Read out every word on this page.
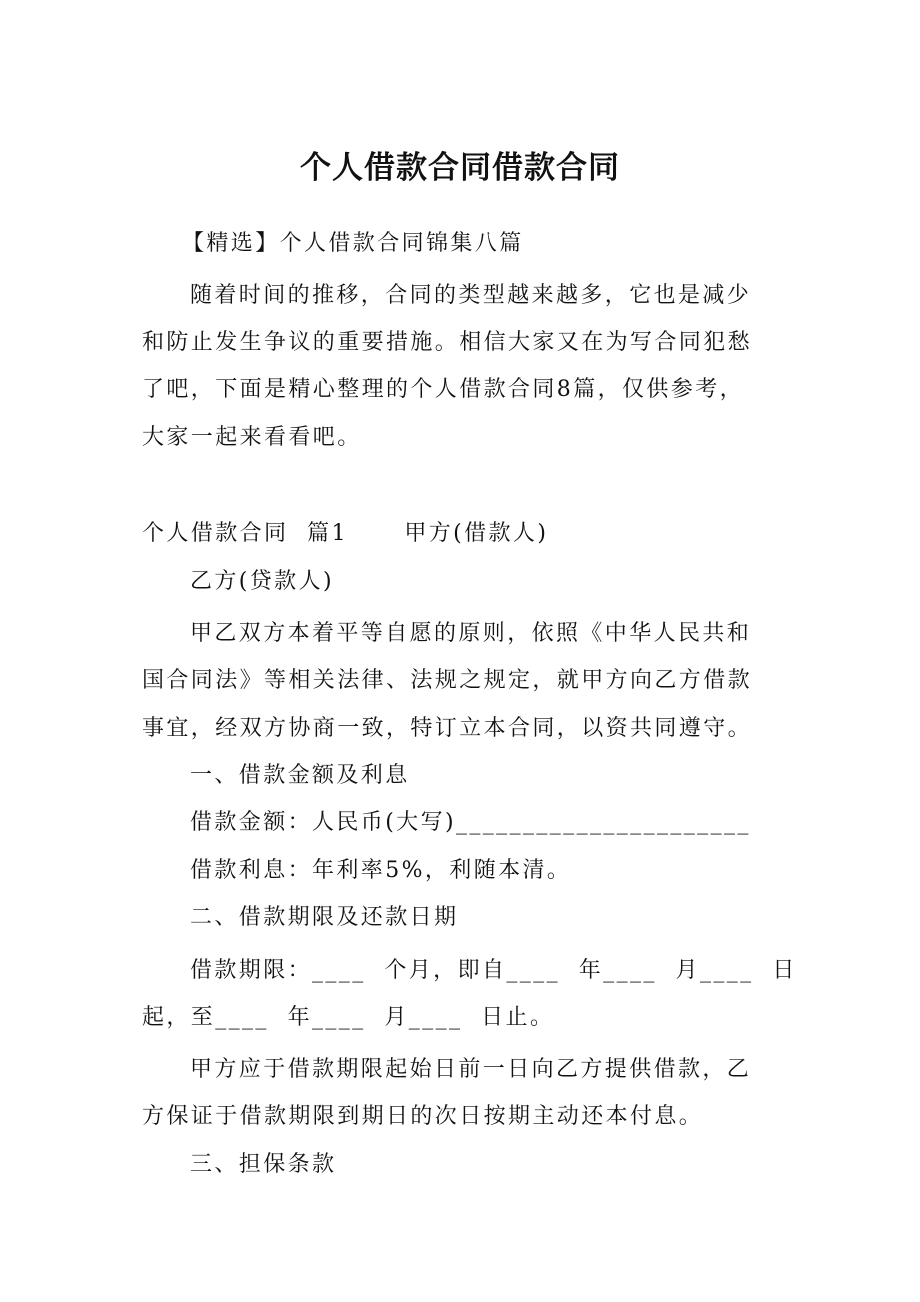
个人借款合同借款合同

【精选】个人借款合同锦集八篇

随着时间的推移，合同的类型越来越多，它也是减少

和防止发生争议的重要措施。相信大家又在为写合同犯愁

了吧，下面是精心整理的个人借款合同8篇，仅供参考，

大家一起来看看吧。

个人借款合同  篇1      甲方(借款人)

乙方(贷款人)

甲乙双方本着平等自愿的原则，依照《中华人民共和

国合同法》等相关法律、法规之规定，就甲方向乙方借款

事宜，经双方协商一致，特订立本合同，以资共同遵守。

一、借款金额及利息

借款金额：人民币(大写)______________________

借款利息：年利率5%，利随本清。

二、借款期限及还款日期

借款期限：____  个月，即自____  年____  月____  日

起，至____  年____  月____  日止。

甲方应于借款期限起始日前一日向乙方提供借款，乙

方保证于借款期限到期日的次日按期主动还本付息。

三、担保条款
